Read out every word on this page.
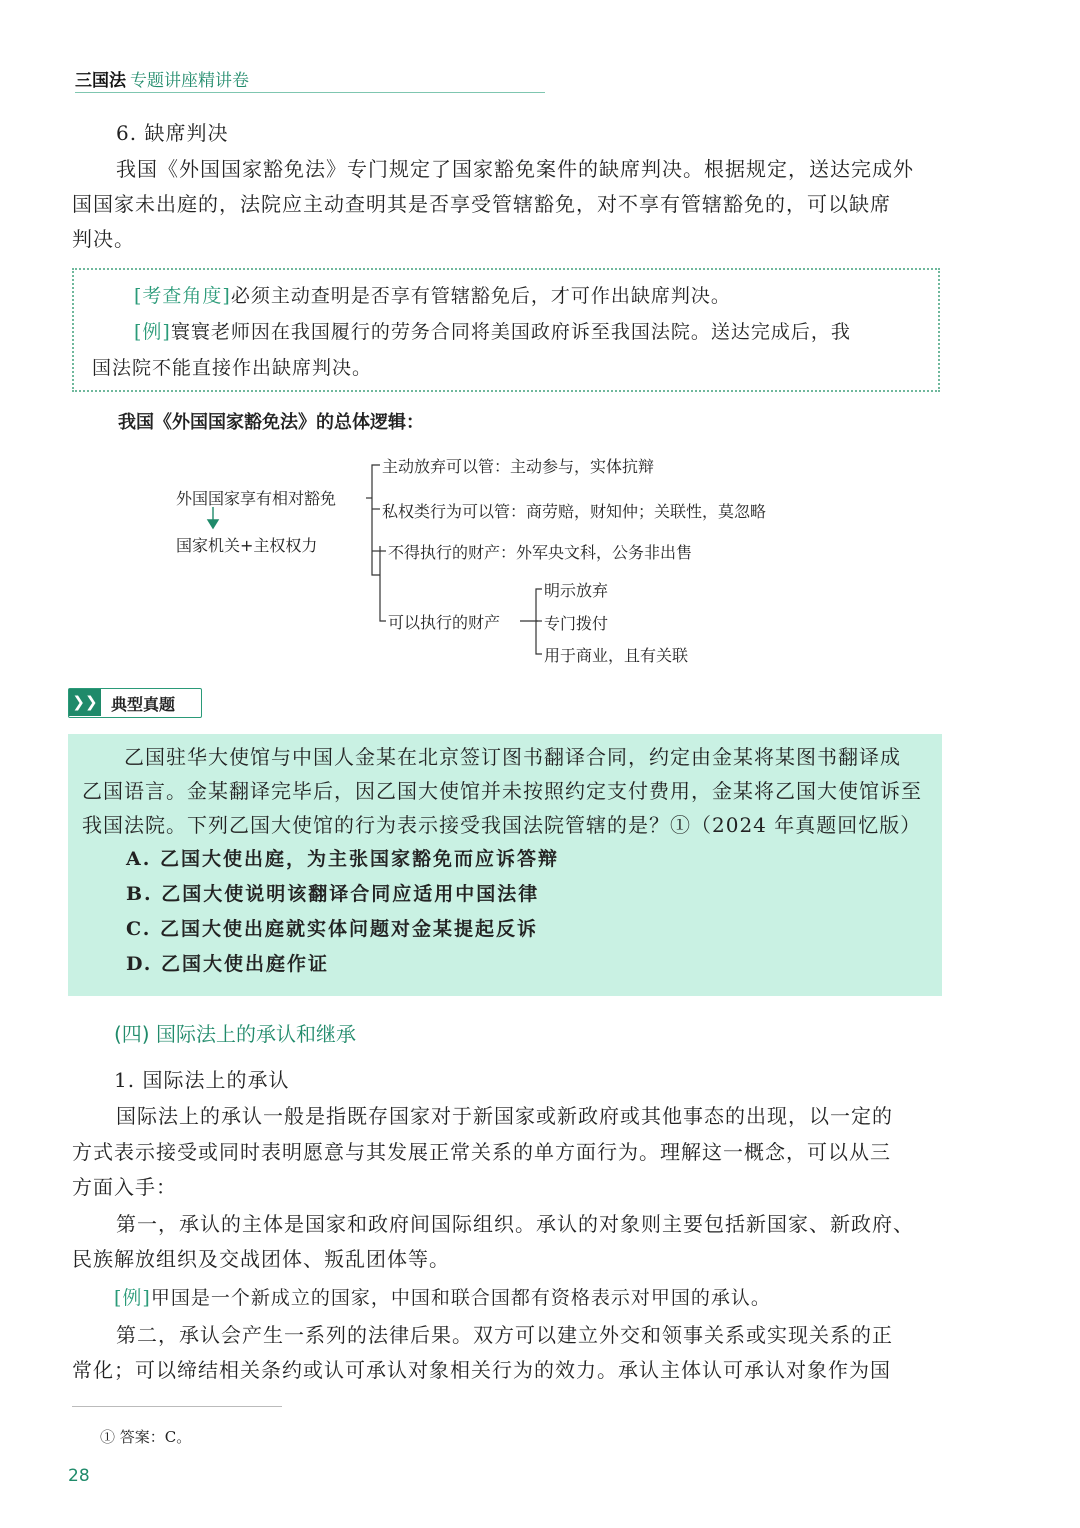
三国法 专题讲座精讲卷
6. 缺席判决
我国《外国国家豁免法》专门规定了国家豁免案件的缺席判决。根据规定，送达完成外
国国家未出庭的，法院应主动查明其是否享受管辖豁免，对不享有管辖豁免的，可以缺席
判决。
[考查角度]必须主动查明是否享有管辖豁免后，才可作出缺席判决。
[例]寰寰老师因在我国履行的劳务合同将美国政府诉至我国法院。送达完成后，我
国法院不能直接作出缺席判决。
我国《外国国家豁免法》的总体逻辑：
外国国家享有相对豁免
国家机关+主权权力
主动放弃可以管：主动参与，实体抗辩
私权类行为可以管：商劳赔，财知仲；关联性，莫忽略
不得执行的财产：外军央文科，公务非出售
可以执行的财产
明示放弃
专门拨付
用于商业，且有关联
❯❯ 典型真题
乙国驻华大使馆与中国人金某在北京签订图书翻译合同，约定由金某将某图书翻译成
乙国语言。金某翻译完毕后，因乙国大使馆并未按照约定支付费用，金某将乙国大使馆诉至
我国法院。下列乙国大使馆的行为表示接受我国法院管辖的是？①（2024 年真题回忆版）
A. 乙国大使出庭，为主张国家豁免而应诉答辩
B. 乙国大使说明该翻译合同应适用中国法律
C. 乙国大使出庭就实体问题对金某提起反诉
D. 乙国大使出庭作证
(四) 国际法上的承认和继承
1. 国际法上的承认
国际法上的承认一般是指既存国家对于新国家或新政府或其他事态的出现，以一定的
方式表示接受或同时表明愿意与其发展正常关系的单方面行为。理解这一概念，可以从三
方面入手：
第一，承认的主体是国家和政府间国际组织。承认的对象则主要包括新国家、新政府、
民族解放组织及交战团体、叛乱团体等。
[例]甲国是一个新成立的国家，中国和联合国都有资格表示对甲国的承认。
第二，承认会产生一系列的法律后果。双方可以建立外交和领事关系或实现关系的正
常化；可以缔结相关条约或认可承认对象相关行为的效力。承认主体认可承认对象作为国
① 答案：C。
28
